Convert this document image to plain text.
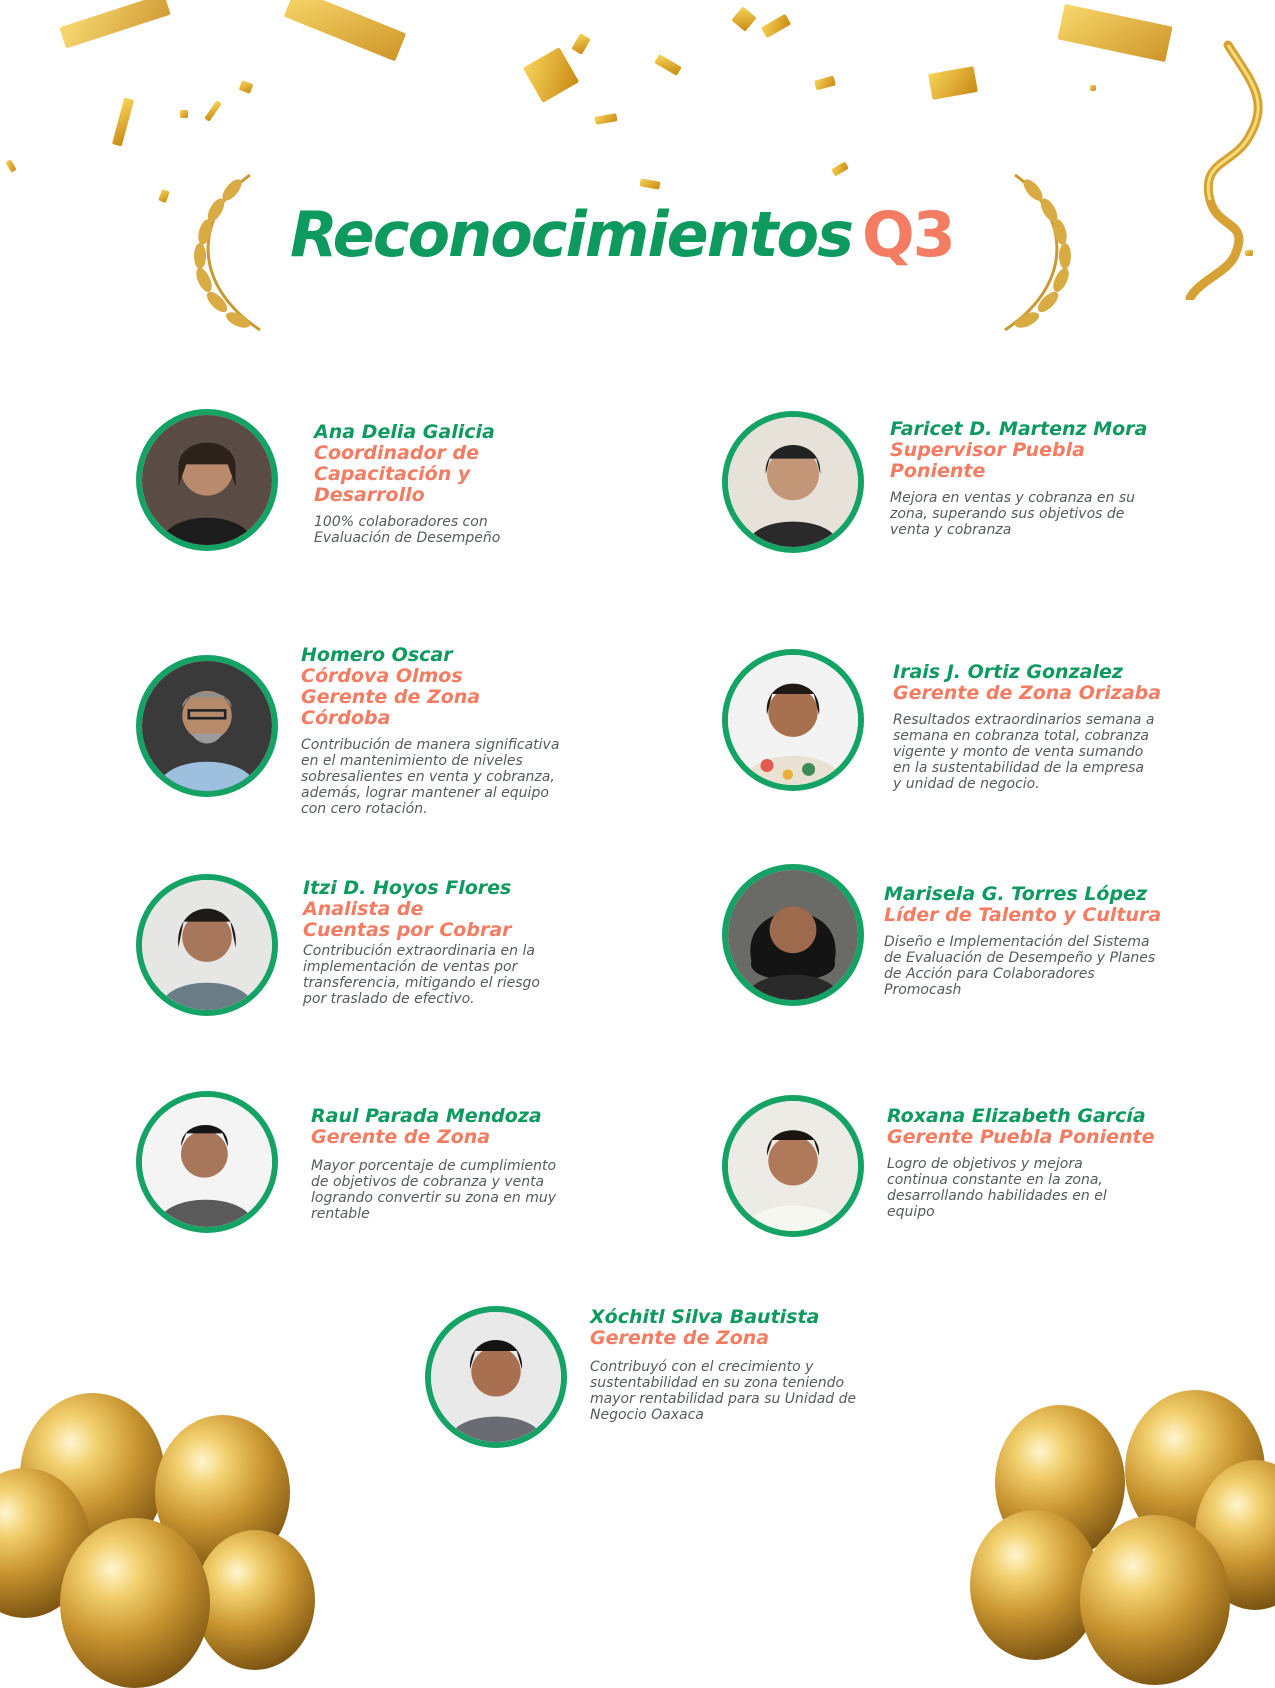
Reconocimientos Q3
Ana Delia Galicia
Coordinador de Capacitación y Desarrollo
100% colaboradores con Evaluación de Desempeño
Faricet D. Martenz Mora
Supervisor Puebla Poniente
Mejora en ventas y cobranza en su zona, superando sus objetivos de venta y cobranza
Homero Oscar
Córdova Olmos Gerente de Zona Córdoba
Contribución de manera significativa en el mantenimiento de niveles sobresalientes en venta y cobranza, además, lograr mantener al equipo con cero rotación.
Irais J. Ortiz Gonzalez
Gerente de Zona Orizaba
Resultados extraordinarios semana a semana en cobranza total, cobranza vigente y monto de venta sumando en la sustentabilidad de la empresa y unidad de negocio.
Itzi D. Hoyos Flores
Analista de Cuentas por Cobrar
Contribución extraordinaria en la implementación de ventas por transferencia, mitigando el riesgo por traslado de efectivo.
Marisela G. Torres López
Líder de Talento y Cultura
Diseño e Implementación del Sistema de Evaluación de Desempeño y Planes de Acción para Colaboradores Promocash
Raul Parada Mendoza
Gerente de Zona
Mayor porcentaje de cumplimiento de objetivos de cobranza y venta logrando convertir su zona en muy rentable
Roxana Elizabeth García
Gerente Puebla Poniente
Logro de objetivos y mejora continua constante en la zona, desarrollando habilidades en el equipo
Xóchitl Silva Bautista
Gerente de Zona
Contribuyó con el crecimiento y sustentabilidad en su zona teniendo mayor rentabilidad para su Unidad de Negocio Oaxaca
